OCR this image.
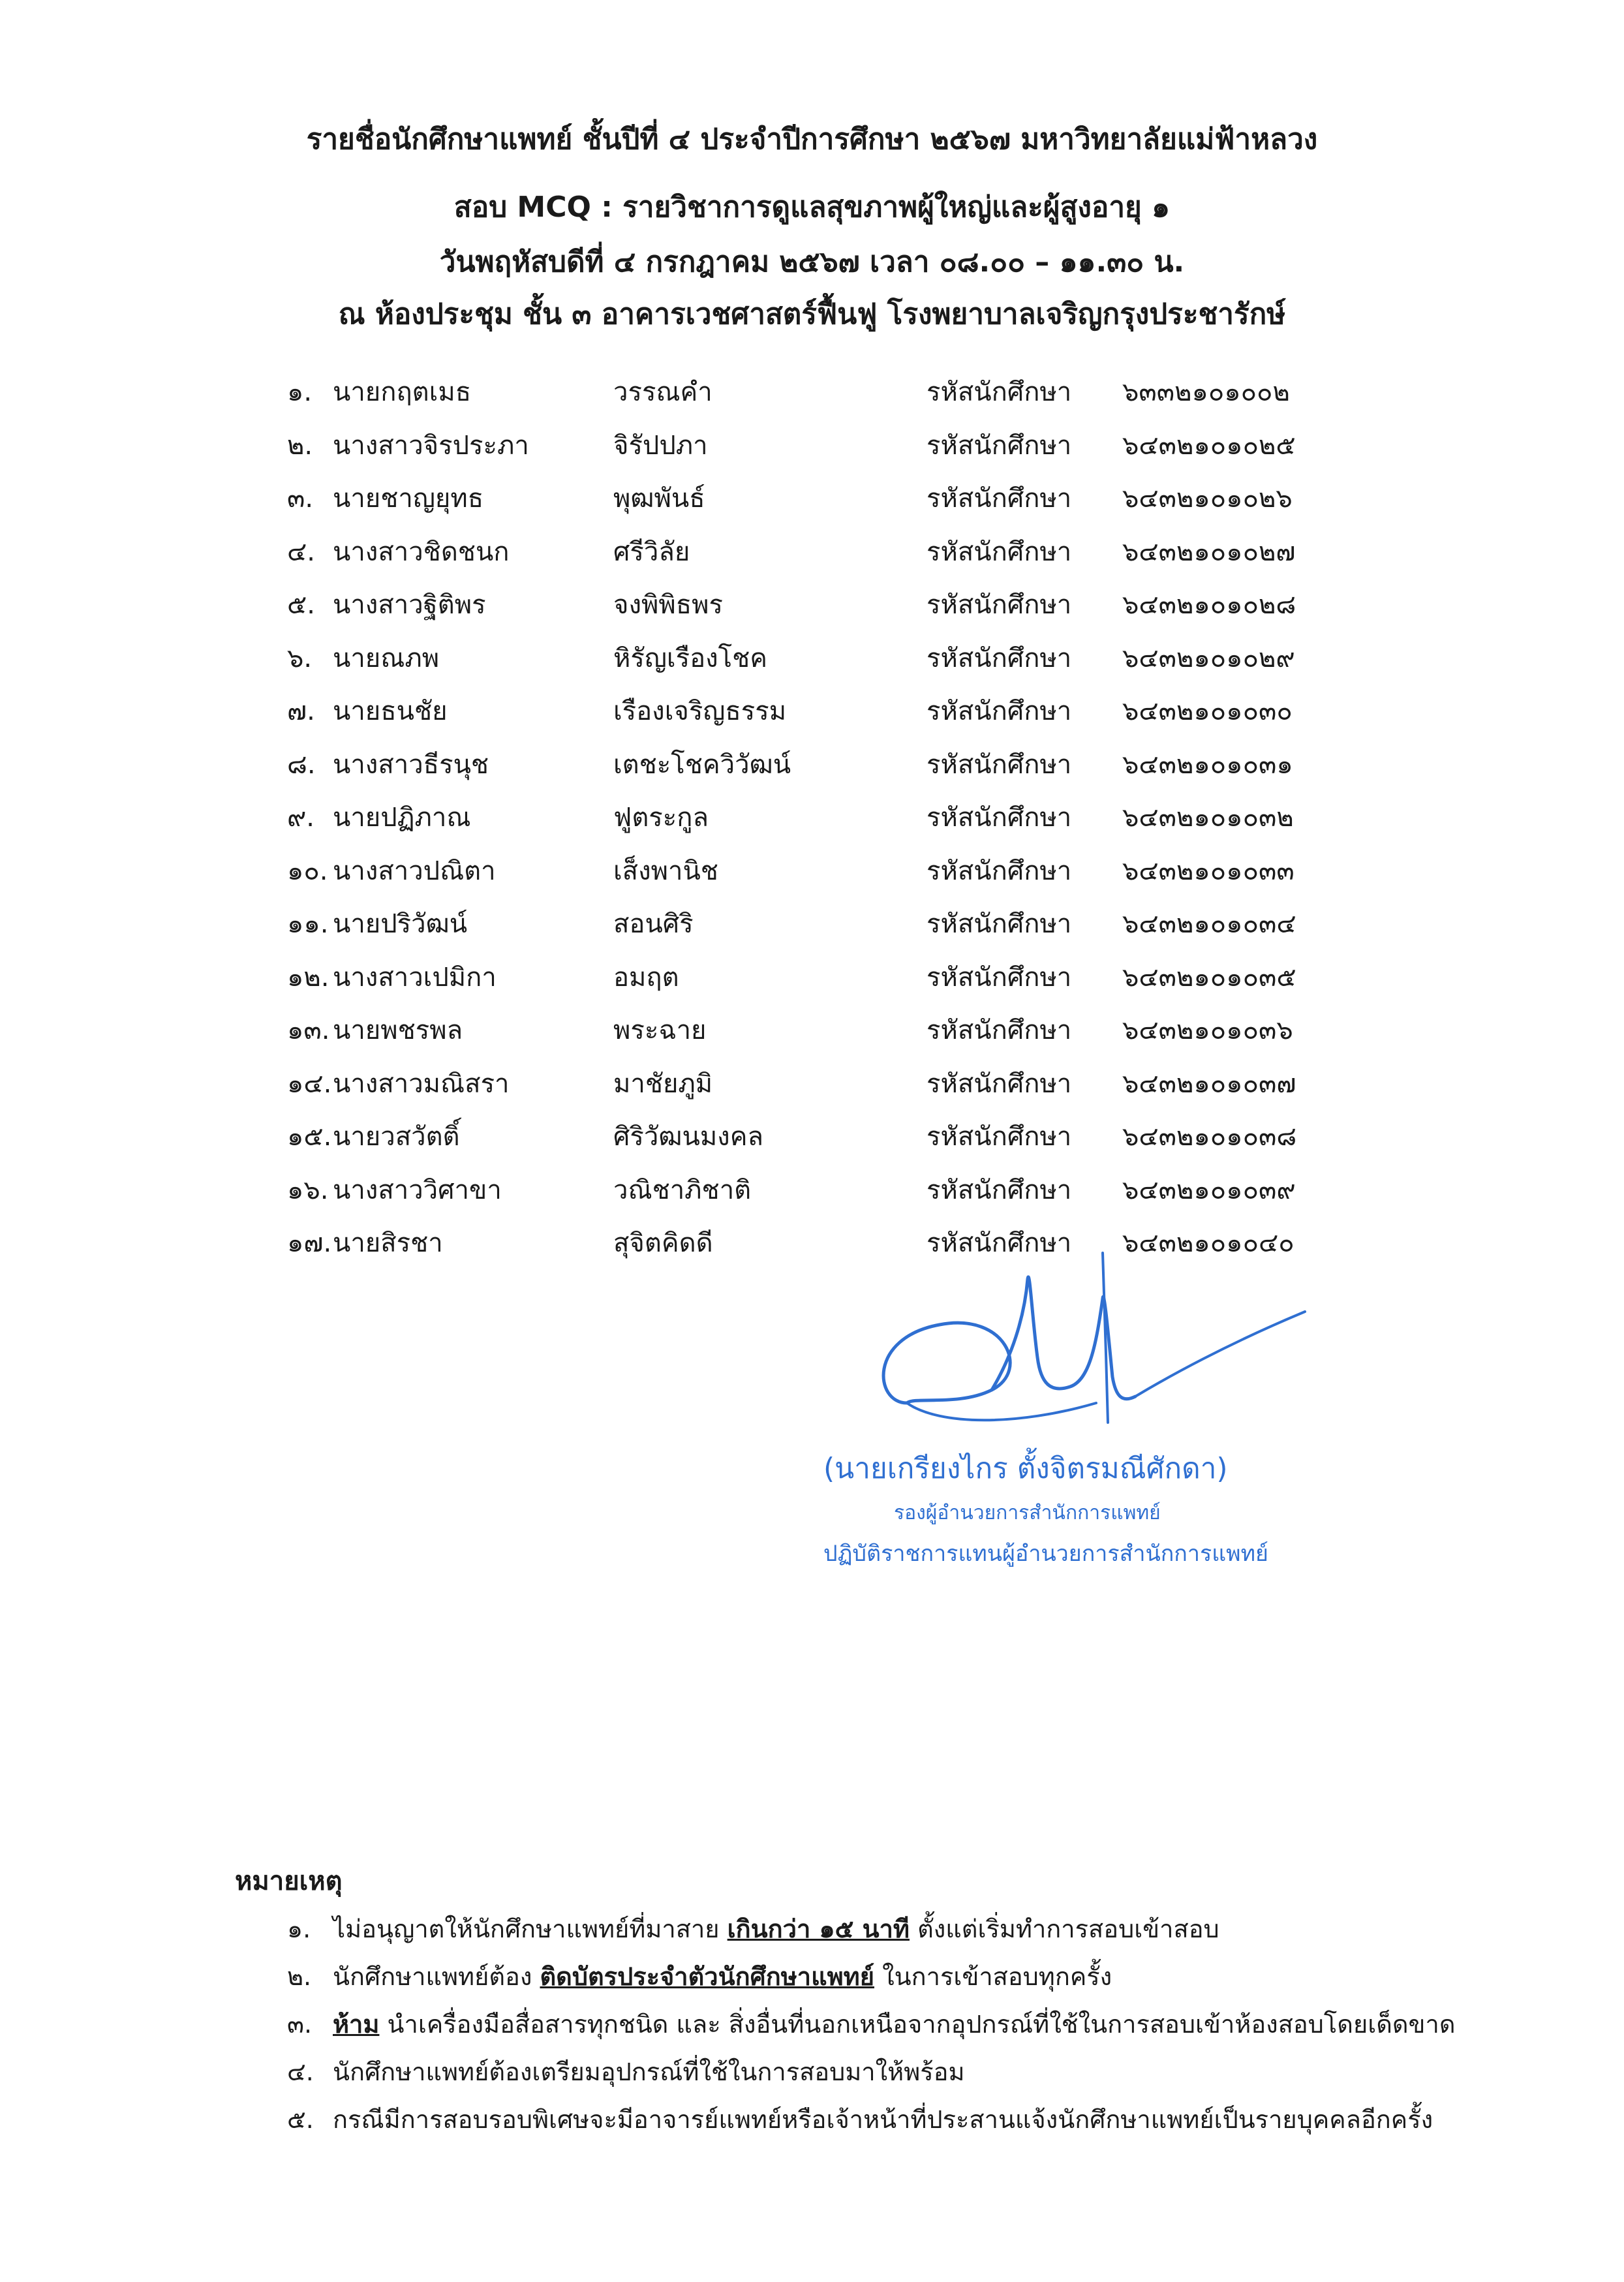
รายชื่อนักศึกษาแพทย์ ชั้นปีที่ ๔ ประจำปีการศึกษา ๒๕๖๗ มหาวิทยาลัยแม่ฟ้าหลวง
สอบ MCQ : รายวิชาการดูแลสุขภาพผู้ใหญ่และผู้สูงอายุ ๑
วันพฤหัสบดีที่ ๔ กรกฎาคม ๒๕๖๗ เวลา ๐๘.๐๐ – ๑๑.๓๐ น.
ณ ห้องประชุม ชั้น ๓ อาคารเวชศาสตร์ฟื้นฟู โรงพยาบาลเจริญกรุงประชารักษ์
๑. นายกฤตเมธ	วรรณคำ	รหัสนักศึกษา ๖๓๓๒๑๐๑๐๐๒
๒. นางสาวจิรประภา	จิรัปปภา	รหัสนักศึกษา ๖๔๓๒๑๐๑๐๒๕
๓. นายชาญยุทธ	พุฒพันธ์	รหัสนักศึกษา ๖๔๓๒๑๐๑๐๒๖
๔. นางสาวชิดชนก	ศรีวิลัย	รหัสนักศึกษา ๖๔๓๒๑๐๑๐๒๗
๕. นางสาวฐิติพร	จงพิพิธพร	รหัสนักศึกษา ๖๔๓๒๑๐๑๐๒๘
๖. นายณภพ	หิรัญเรืองโชค	รหัสนักศึกษา ๖๔๓๒๑๐๑๐๒๙
๗. นายธนชัย	เรืองเจริญธรรม	รหัสนักศึกษา ๖๔๓๒๑๐๑๐๓๐
๘. นางสาวธีรนุช	เตชะโชควิวัฒน์	รหัสนักศึกษา ๖๔๓๒๑๐๑๐๓๑
๙. นายปฏิภาณ	ฟูตระกูล	รหัสนักศึกษา ๖๔๓๒๑๐๑๐๓๒
๑๐. นางสาวปณิตา	เส็งพานิช	รหัสนักศึกษา ๖๔๓๒๑๐๑๐๓๓
๑๑. นายปริวัฒน์	สอนศิริ	รหัสนักศึกษา ๖๔๓๒๑๐๑๐๓๔
๑๒. นางสาวเปมิกา	อมฤต	รหัสนักศึกษา ๖๔๓๒๑๐๑๐๓๕
๑๓. นายพชรพล	พระฉาย	รหัสนักศึกษา ๖๔๓๒๑๐๑๐๓๖
๑๔. นางสาวมณิสรา	มาชัยภูมิ	รหัสนักศึกษา ๖๔๓๒๑๐๑๐๓๗
๑๕. นายวสวัตติ์	ศิริวัฒนมงคล	รหัสนักศึกษา ๖๔๓๒๑๐๑๐๓๘
๑๖. นางสาววิศาขา	วณิชาภิชาติ	รหัสนักศึกษา ๖๔๓๒๑๐๑๐๓๙
๑๗. นายสิรชา	สุจิตคิดดี	รหัสนักศึกษา ๖๔๓๒๑๐๑๐๔๐
(นายเกรียงไกร ตั้งจิตรมณีศักดา)
รองผู้อำนวยการสำนักการแพทย์
ปฏิบัติราชการแทนผู้อำนวยการสำนักการแพทย์
หมายเหตุ
๑. ไม่อนุญาตให้นักศึกษาแพทย์ที่มาสาย เกินกว่า ๑๕ นาที ตั้งแต่เริ่มทำการสอบเข้าสอบ
๒. นักศึกษาแพทย์ต้อง ติดบัตรประจำตัวนักศึกษาแพทย์ ในการเข้าสอบทุกครั้ง
๓. ห้าม นำเครื่องมือสื่อสารทุกชนิด และ สิ่งอื่นที่นอกเหนือจากอุปกรณ์ที่ใช้ในการสอบเข้าห้องสอบโดยเด็ดขาด
๔. นักศึกษาแพทย์ต้องเตรียมอุปกรณ์ที่ใช้ในการสอบมาให้พร้อม
๕. กรณีมีการสอบรอบพิเศษจะมีอาจารย์แพทย์หรือเจ้าหน้าที่ประสานแจ้งนักศึกษาแพทย์เป็นรายบุคคลอีกครั้ง
